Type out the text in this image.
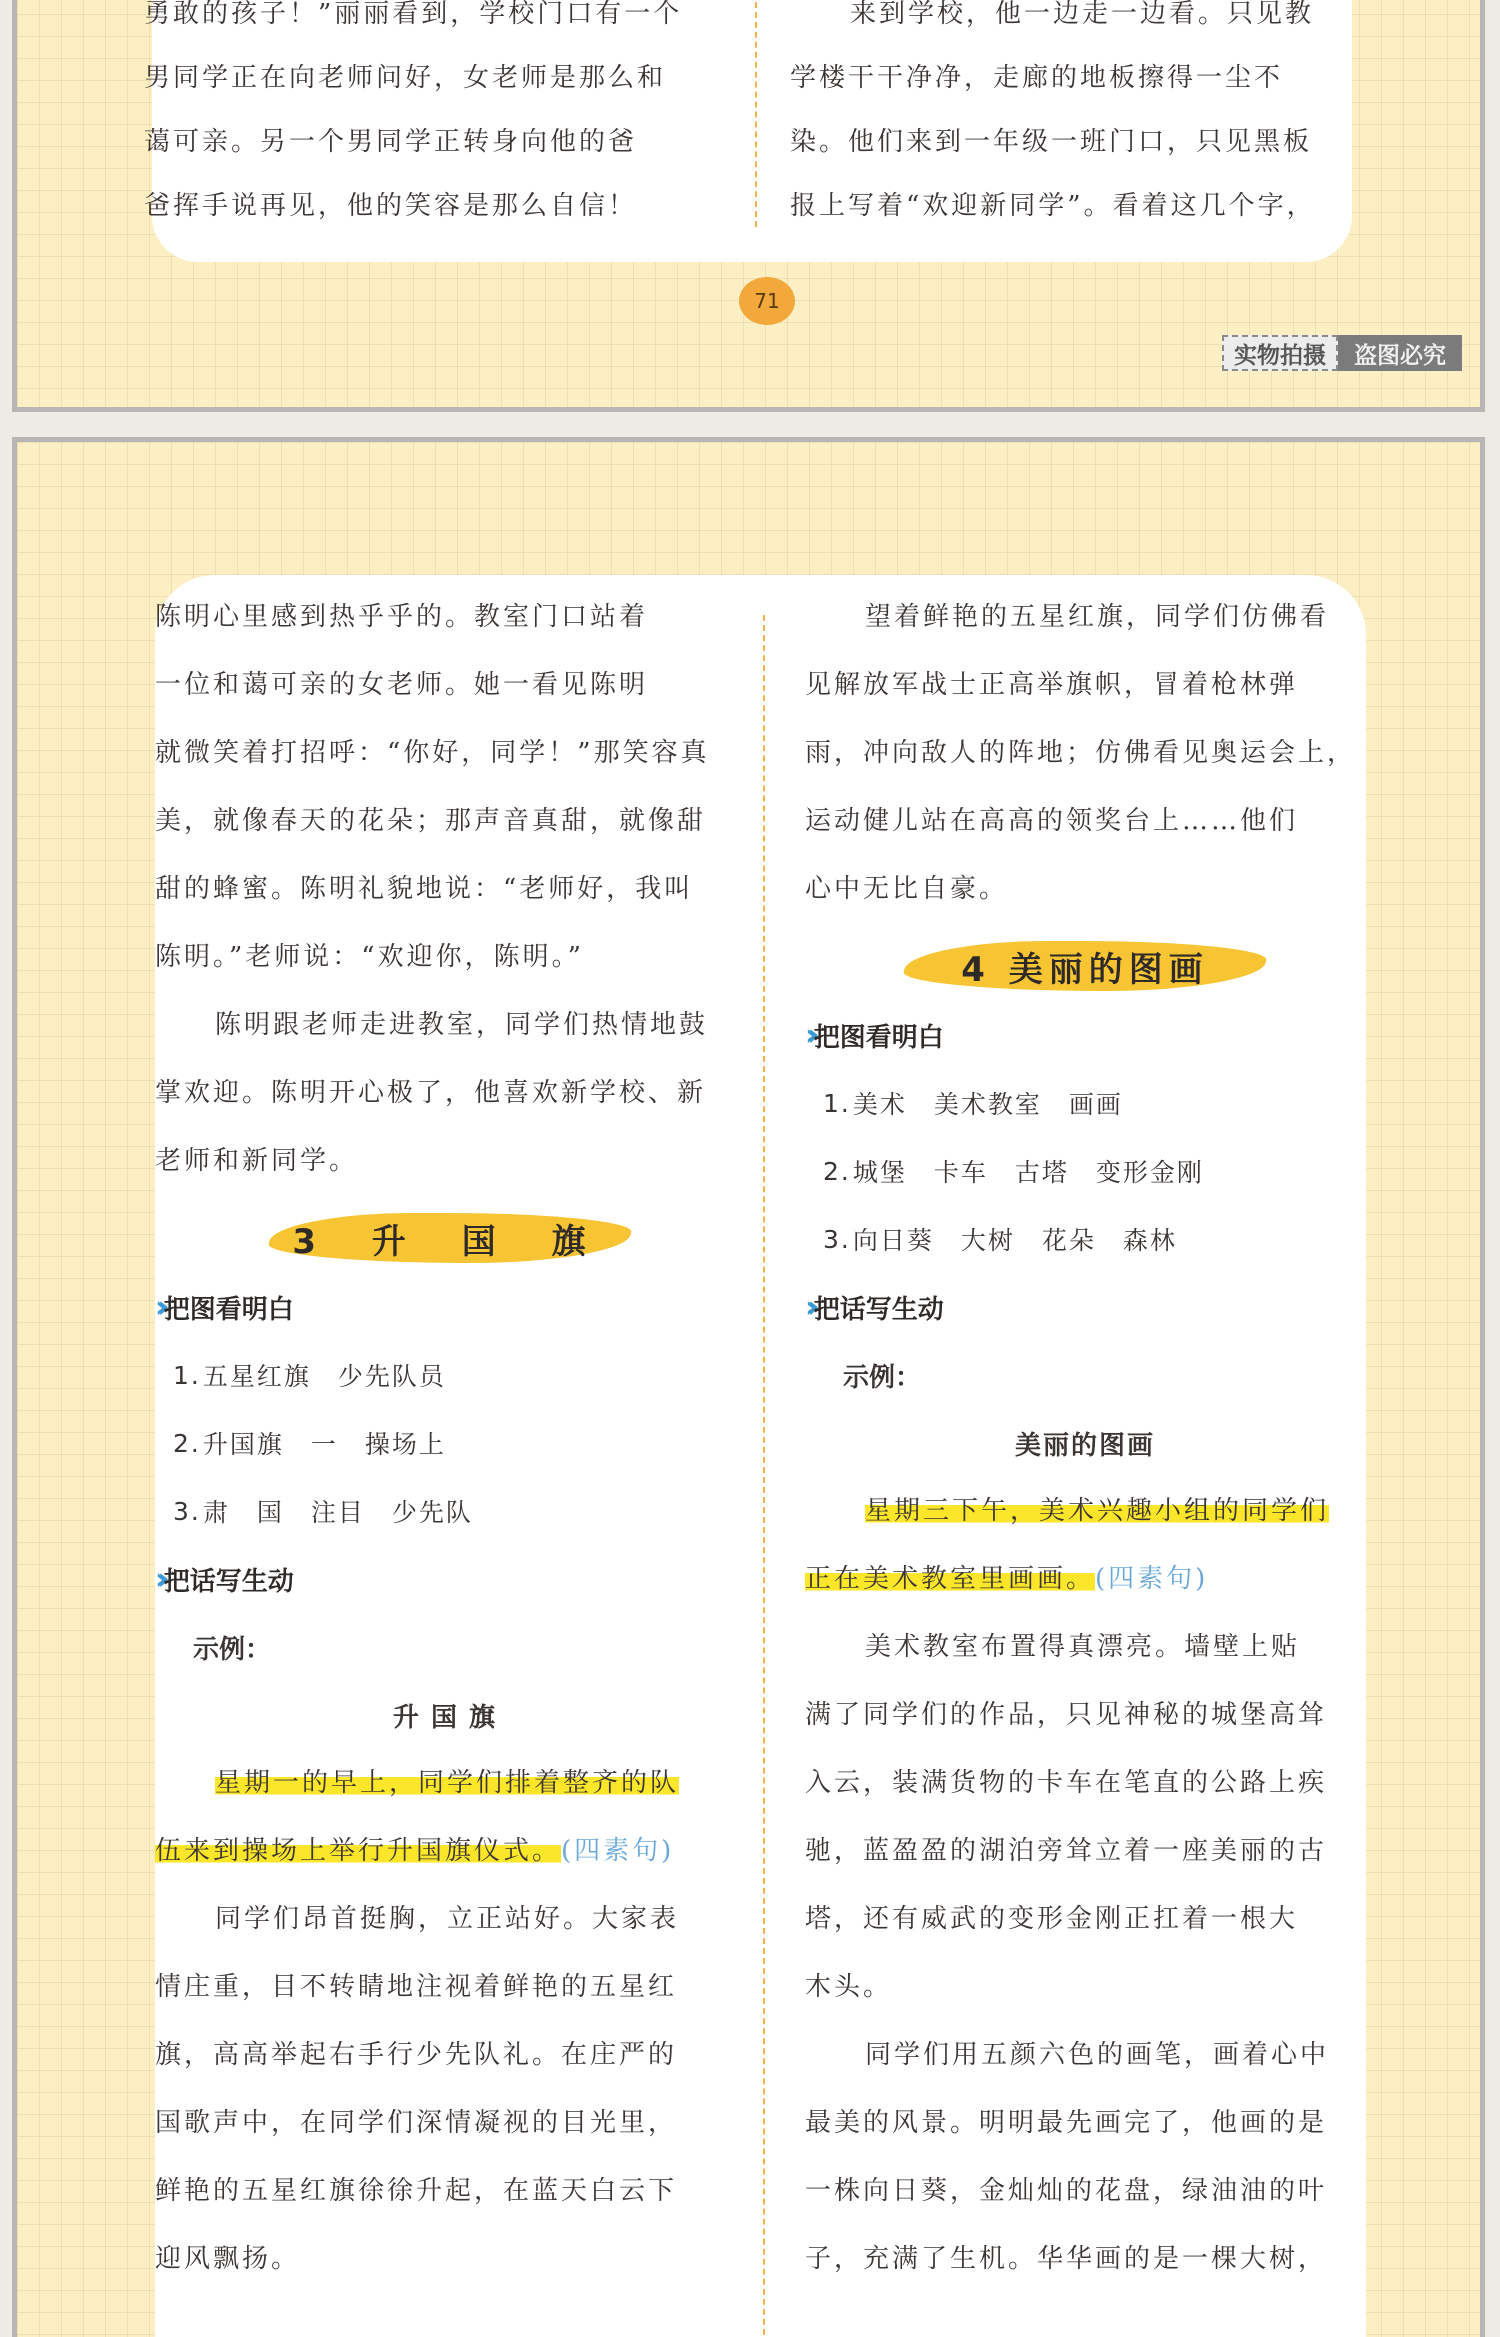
勇敢的孩子！”丽丽看到，学校门口有一个

男同学正在向老师问好，女老师是那么和

蔼可亲。另一个男同学正转身向他的爸

爸挥手说再见，他的笑容是那么自信！

来到学校，他一边走一边看。只见教

学楼干干净净，走廊的地板擦得一尘不

染。他们来到一年级一班门口，只见黑板

报上写着“欢迎新同学”。看着这几个字，

71
实物拍摄	盗图必究

陈明心里感到热乎乎的。教室门口站着

一位和蔼可亲的女老师。她一看见陈明

就微笑着打招呼：“你好，同学！”那笑容真

美，就像春天的花朵；那声音真甜，就像甜

甜的蜂蜜。陈明礼貌地说：“老师好，我叫

陈明。”老师说：“欢迎你，陈明。”

陈明跟老师走进教室，同学们热情地鼓

掌欢迎。陈明开心极了，他喜欢新学校、新

老师和新同学。

3 升 国 旗

›› 把图看明白

1. 五星红旗　少先队员

2. 升国旗　一　操场上

3. 肃　国　注目　少先队

›› 把话写生动

示例：

升国旗

星期一的早上，同学们排着整齐的队

伍来到操场上举行升国旗仪式。(四素句)

同学们昂首挺胸，立正站好。大家表

情庄重，目不转睛地注视着鲜艳的五星红

旗，高高举起右手行少先队礼。在庄严的

国歌声中，在同学们深情凝视的目光里，

鲜艳的五星红旗徐徐升起，在蓝天白云下

迎风飘扬。

望着鲜艳的五星红旗，同学们仿佛看

见解放军战士正高举旗帜，冒着枪林弹

雨，冲向敌人的阵地；仿佛看见奥运会上，

运动健儿站在高高的领奖台上……他们

心中无比自豪。

4 美丽的图画

›› 把图看明白

1. 美术　美术教室　画画

2. 城堡　卡车　古塔　变形金刚

3. 向日葵　大树　花朵　森林

›› 把话写生动

示例：

美丽的图画

星期三下午，美术兴趣小组的同学们

正在美术教室里画画。(四素句)

美术教室布置得真漂亮。墙壁上贴

满了同学们的作品，只见神秘的城堡高耸

入云，装满货物的卡车在笔直的公路上疾

驰，蓝盈盈的湖泊旁耸立着一座美丽的古

塔，还有威武的变形金刚正扛着一根大

木头。

同学们用五颜六色的画笔，画着心中

最美的风景。明明最先画完了，他画的是

一株向日葵，金灿灿的花盘，绿油油的叶

子，充满了生机。华华画的是一棵大树，
